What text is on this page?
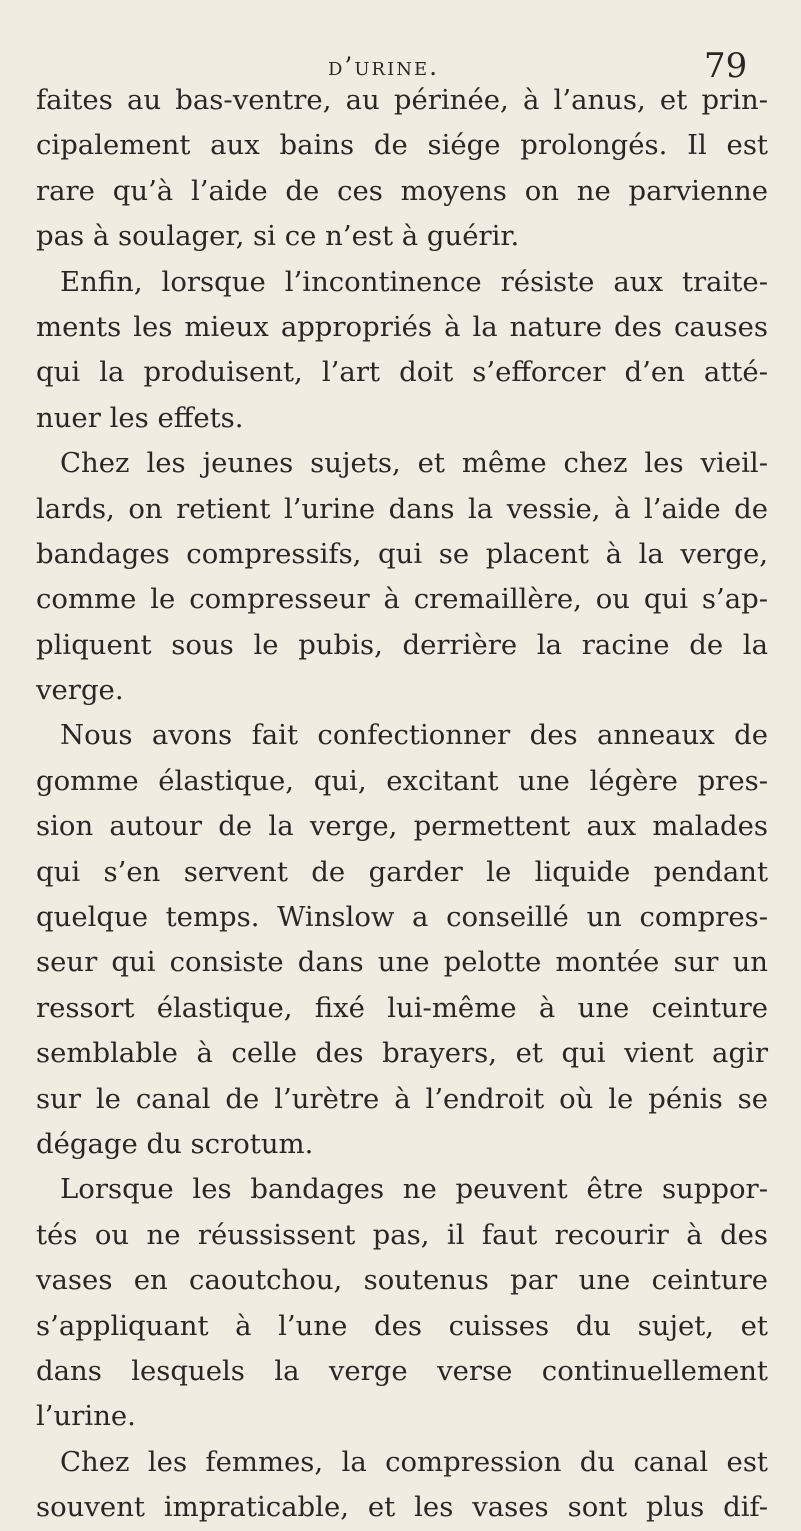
d’urine.	79
faites au bas-ventre, au périnée, à l’anus, et prin-
cipalement aux bains de siége prolongés. Il est
rare qu’à l’aide de ces moyens on ne parvienne
pas à soulager, si ce n’est à guérir.
Enfin, lorsque l’incontinence résiste aux traite-
ments les mieux appropriés à la nature des causes
qui la produisent, l’art doit s’efforcer d’en atté-
nuer les effets.
Chez les jeunes sujets, et même chez les vieil-
lards, on retient l’urine dans la vessie, à l’aide de
bandages compressifs, qui se placent à la verge,
comme le compresseur à cremaillère, ou qui s’ap-
pliquent sous le pubis, derrière la racine de la
verge.
Nous avons fait confectionner des anneaux de
gomme élastique, qui, excitant une légère pres-
sion autour de la verge, permettent aux malades
qui s’en servent de garder le liquide pendant
quelque temps. Winslow a conseillé un compres-
seur qui consiste dans une pelotte montée sur un
ressort élastique, fixé lui-même à une ceinture
semblable à celle des brayers, et qui vient agir
sur le canal de l’urètre à l’endroit où le pénis se
dégage du scrotum.
Lorsque les bandages ne peuvent être suppor-
tés ou ne réussissent pas, il faut recourir à des
vases en caoutchou, soutenus par une ceinture
s’appliquant à l’une des cuisses du sujet, et
dans lesquels la verge verse continuellement
l’urine.
Chez les femmes, la compression du canal est
souvent impraticable, et les vases sont plus dif-
